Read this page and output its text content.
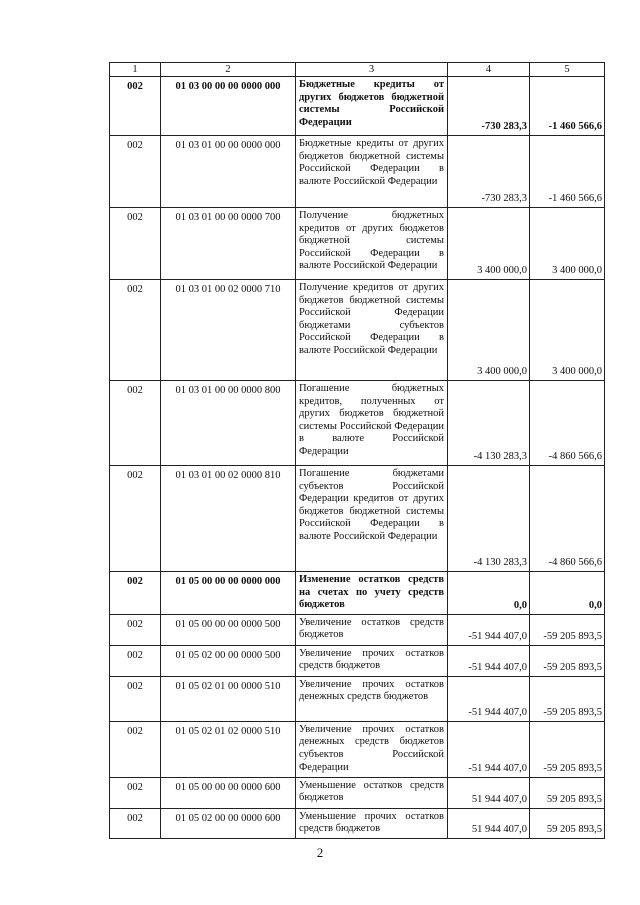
1	2	3	4	5
002	01 03 00 00 00 0000 000	Бюджетные кредиты от других бюджетов бюджетной системы Российской Федерации	-730 283,3	-1 460 566,6
002	01 03 01 00 00 0000 000	Бюджетные кредиты от других бюджетов бюджетной системы Российской Федерации в валюте Российской Федерации	-730 283,3	-1 460 566,6
002	01 03 01 00 00 0000 700	Получение бюджетных кредитов от других бюджетов бюджетной системы Российской Федерации в валюте Российской Федерации	3 400 000,0	3 400 000,0
002	01 03 01 00 02 0000 710	Получение кредитов от других бюджетов бюджетной системы Российской Федерации бюджетами субъектов Российской Федерации в валюте Российской Федерации	3 400 000,0	3 400 000,0
002	01 03 01 00 00 0000 800	Погашение бюджетных кредитов, полученных от других бюджетов бюджетной системы Российской Федерации в валюте Российской Федерации	-4 130 283,3	-4 860 566,6
002	01 03 01 00 02 0000 810	Погашение бюджетами субъектов Российской Федерации кредитов от других бюджетов бюджетной системы Российской Федерации в валюте Российской Федерации	-4 130 283,3	-4 860 566,6
002	01 05 00 00 00 0000 000	Изменение остатков средств на счетах по учету средств бюджетов	0,0	0,0
002	01 05 00 00 00 0000 500	Увеличение остатков средств бюджетов	-51 944 407,0	-59 205 893,5
002	01 05 02 00 00 0000 500	Увеличение прочих остатков средств бюджетов	-51 944 407,0	-59 205 893,5
002	01 05 02 01 00 0000 510	Увеличение прочих остатков денежных средств бюджетов	-51 944 407,0	-59 205 893,5
002	01 05 02 01 02 0000 510	Увеличение прочих остатков денежных средств бюджетов субъектов Российской Федерации	-51 944 407,0	-59 205 893,5
002	01 05 00 00 00 0000 600	Уменьшение остатков средств бюджетов	51 944 407,0	59 205 893,5
002	01 05 02 00 00 0000 600	Уменьшение прочих остатков средств бюджетов	51 944 407,0	59 205 893,5
2
